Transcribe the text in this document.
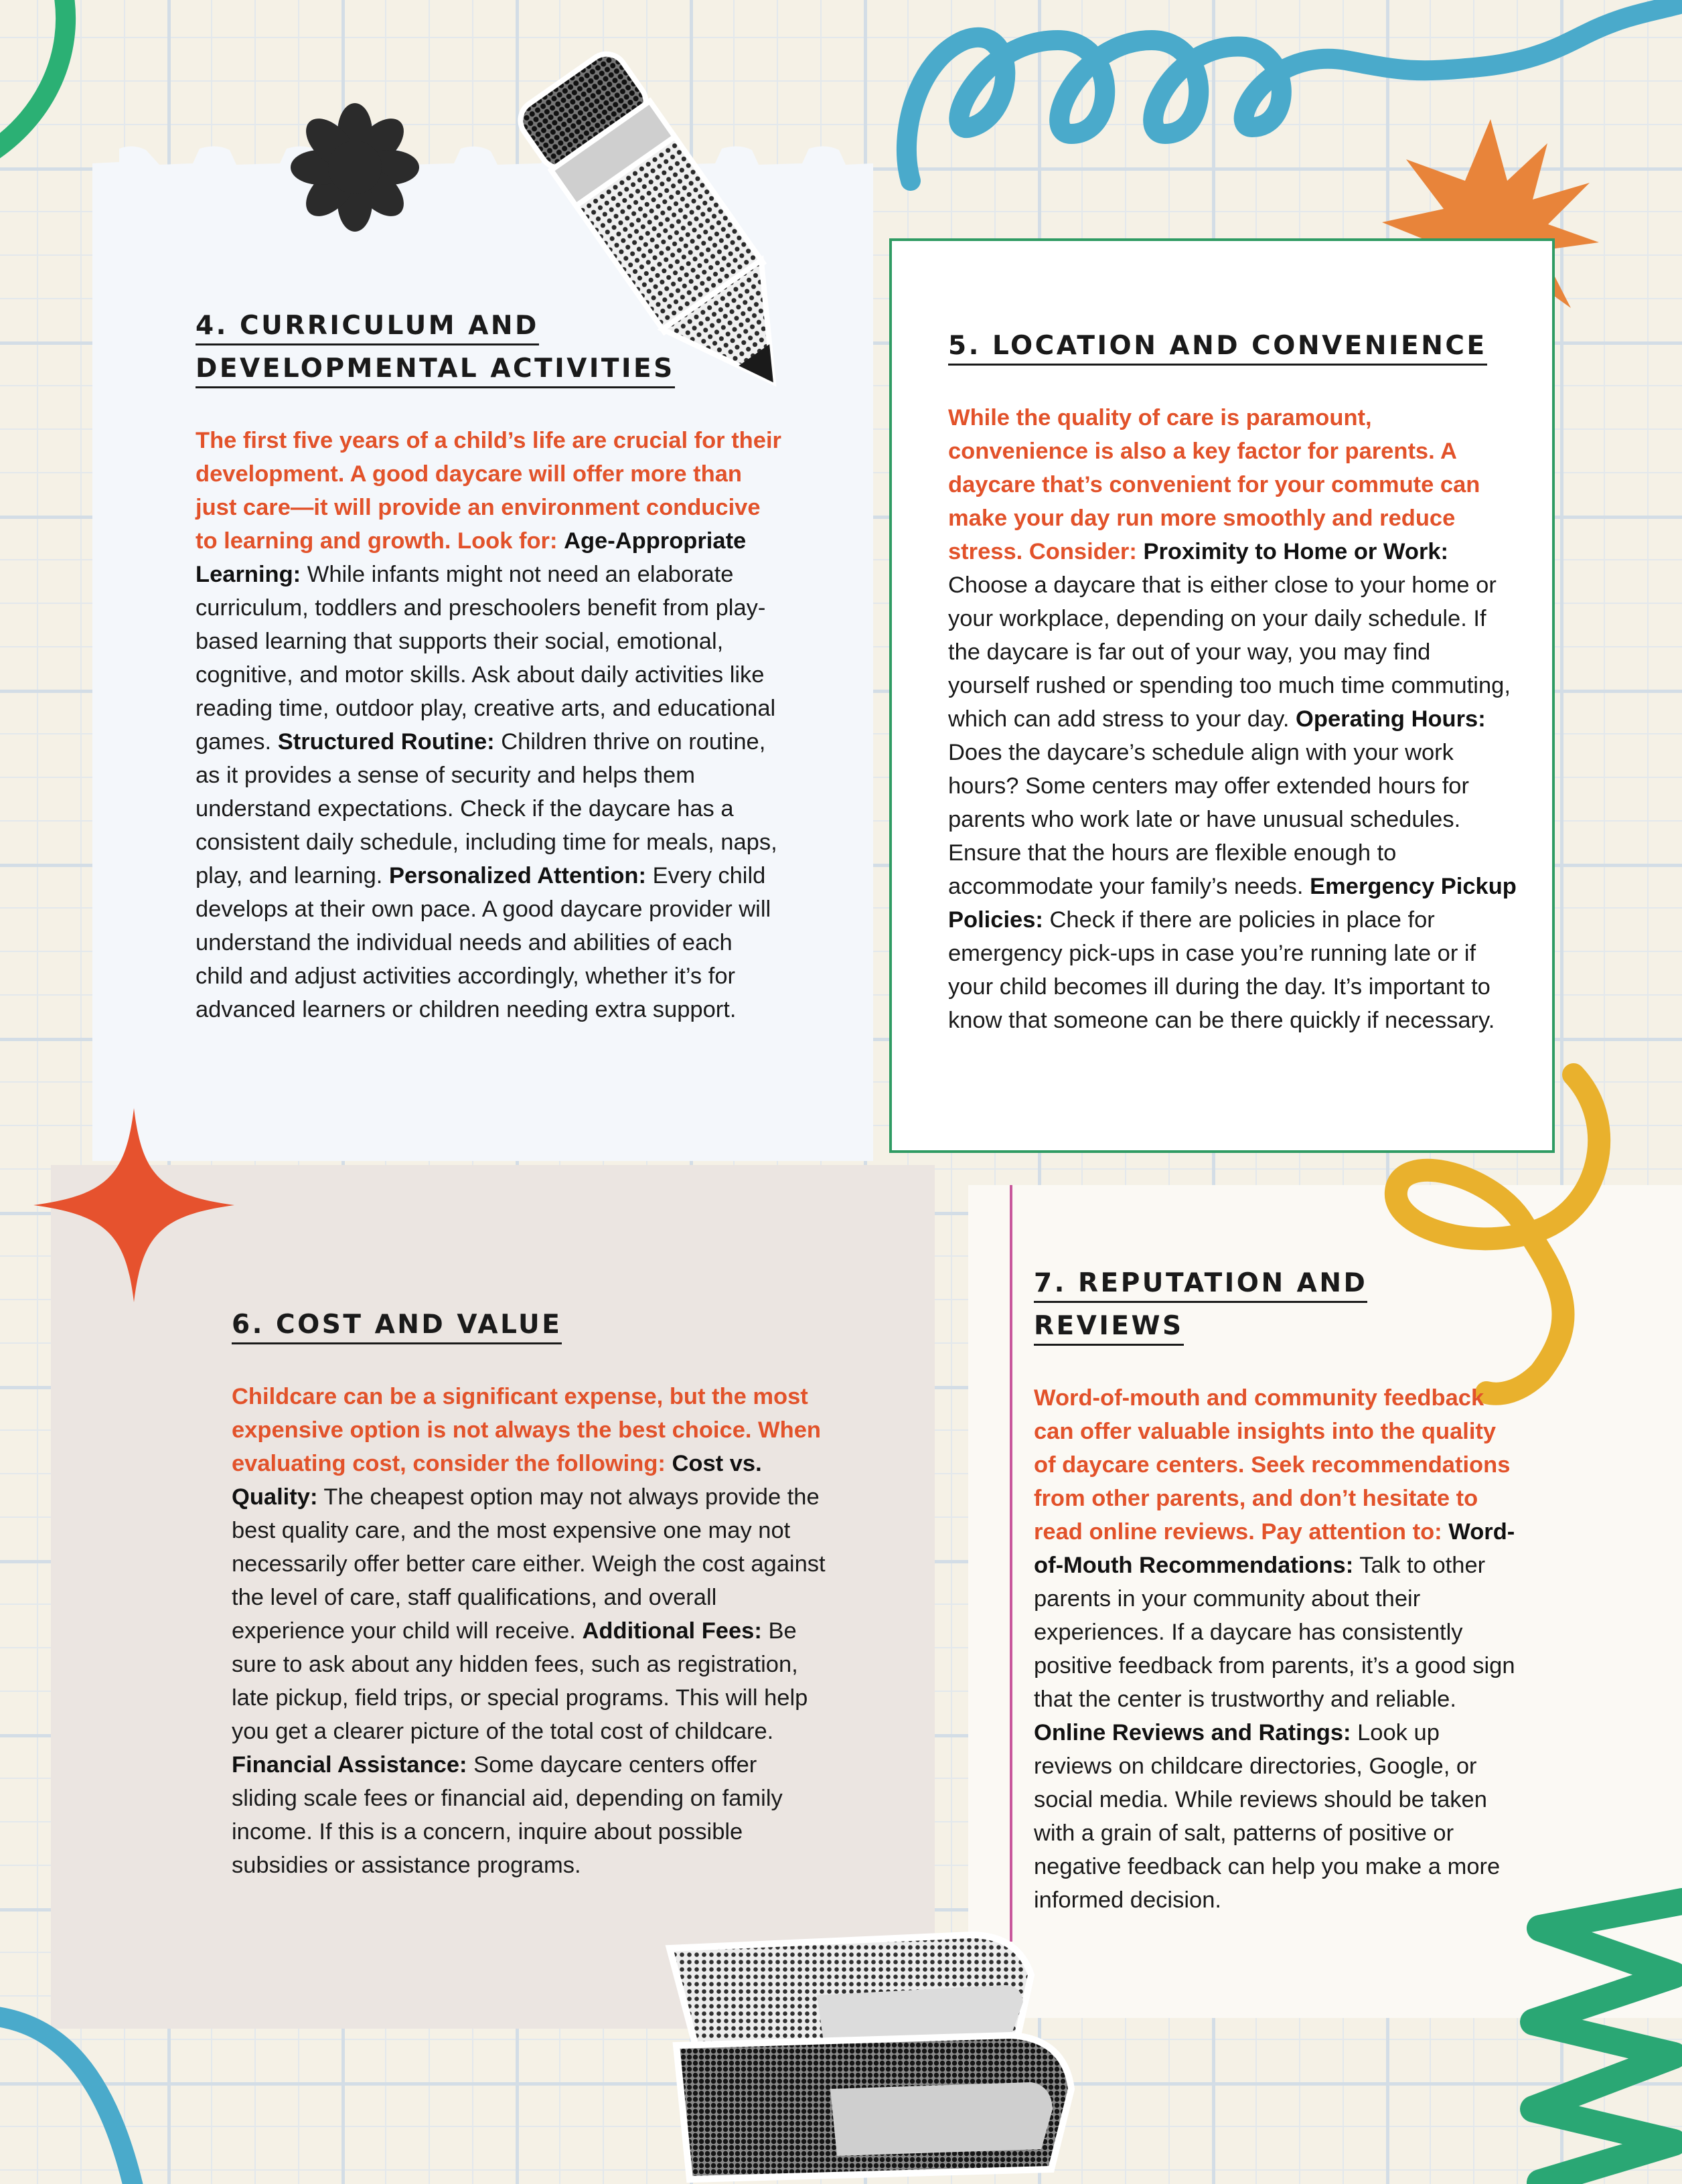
4. CURRICULUM AND DEVELOPMENTAL ACTIVITIES

The first five years of a child’s life are crucial for their development. A good daycare will offer more than just care—it will provide an environment conducive to learning and growth. Look for: Age-Appropriate Learning: While infants might not need an elaborate curriculum, toddlers and preschoolers benefit from play-based learning that supports their social, emotional, cognitive, and motor skills. Ask about daily activities like reading time, outdoor play, creative arts, and educational games. Structured Routine: Children thrive on routine, as it provides a sense of security and helps them understand expectations. Check if the daycare has a consistent daily schedule, including time for meals, naps, play, and learning. Personalized Attention: Every child develops at their own pace. A good daycare provider will understand the individual needs and abilities of each child and adjust activities accordingly, whether it’s for advanced learners or children needing extra support.

5. LOCATION AND CONVENIENCE

While the quality of care is paramount, convenience is also a key factor for parents. A daycare that’s convenient for your commute can make your day run more smoothly and reduce stress. Consider: Proximity to Home or Work: Choose a daycare that is either close to your home or your workplace, depending on your daily schedule. If the daycare is far out of your way, you may find yourself rushed or spending too much time commuting, which can add stress to your day. Operating Hours: Does the daycare’s schedule align with your work hours? Some centers may offer extended hours for parents who work late or have unusual schedules. Ensure that the hours are flexible enough to accommodate your family’s needs. Emergency Pickup Policies: Check if there are policies in place for emergency pick-ups in case you’re running late or if your child becomes ill during the day. It’s important to know that someone can be there quickly if necessary.

6. COST AND VALUE

Childcare can be a significant expense, but the most expensive option is not always the best choice. When evaluating cost, consider the following: Cost vs. Quality: The cheapest option may not always provide the best quality care, and the most expensive one may not necessarily offer better care either. Weigh the cost against the level of care, staff qualifications, and overall experience your child will receive. Additional Fees: Be sure to ask about any hidden fees, such as registration, late pickup, field trips, or special programs. This will help you get a clearer picture of the total cost of childcare. Financial Assistance: Some daycare centers offer sliding scale fees or financial aid, depending on family income. If this is a concern, inquire about possible subsidies or assistance programs.

7. REPUTATION AND REVIEWS

Word-of-mouth and community feedback can offer valuable insights into the quality of daycare centers. Seek recommendations from other parents, and don’t hesitate to read online reviews. Pay attention to: Word-of-Mouth Recommendations: Talk to other parents in your community about their experiences. If a daycare has consistently positive feedback from parents, it’s a good sign that the center is trustworthy and reliable. Online Reviews and Ratings: Look up reviews on childcare directories, Google, or social media. While reviews should be taken with a grain of salt, patterns of positive or negative feedback can help you make a more informed decision.
